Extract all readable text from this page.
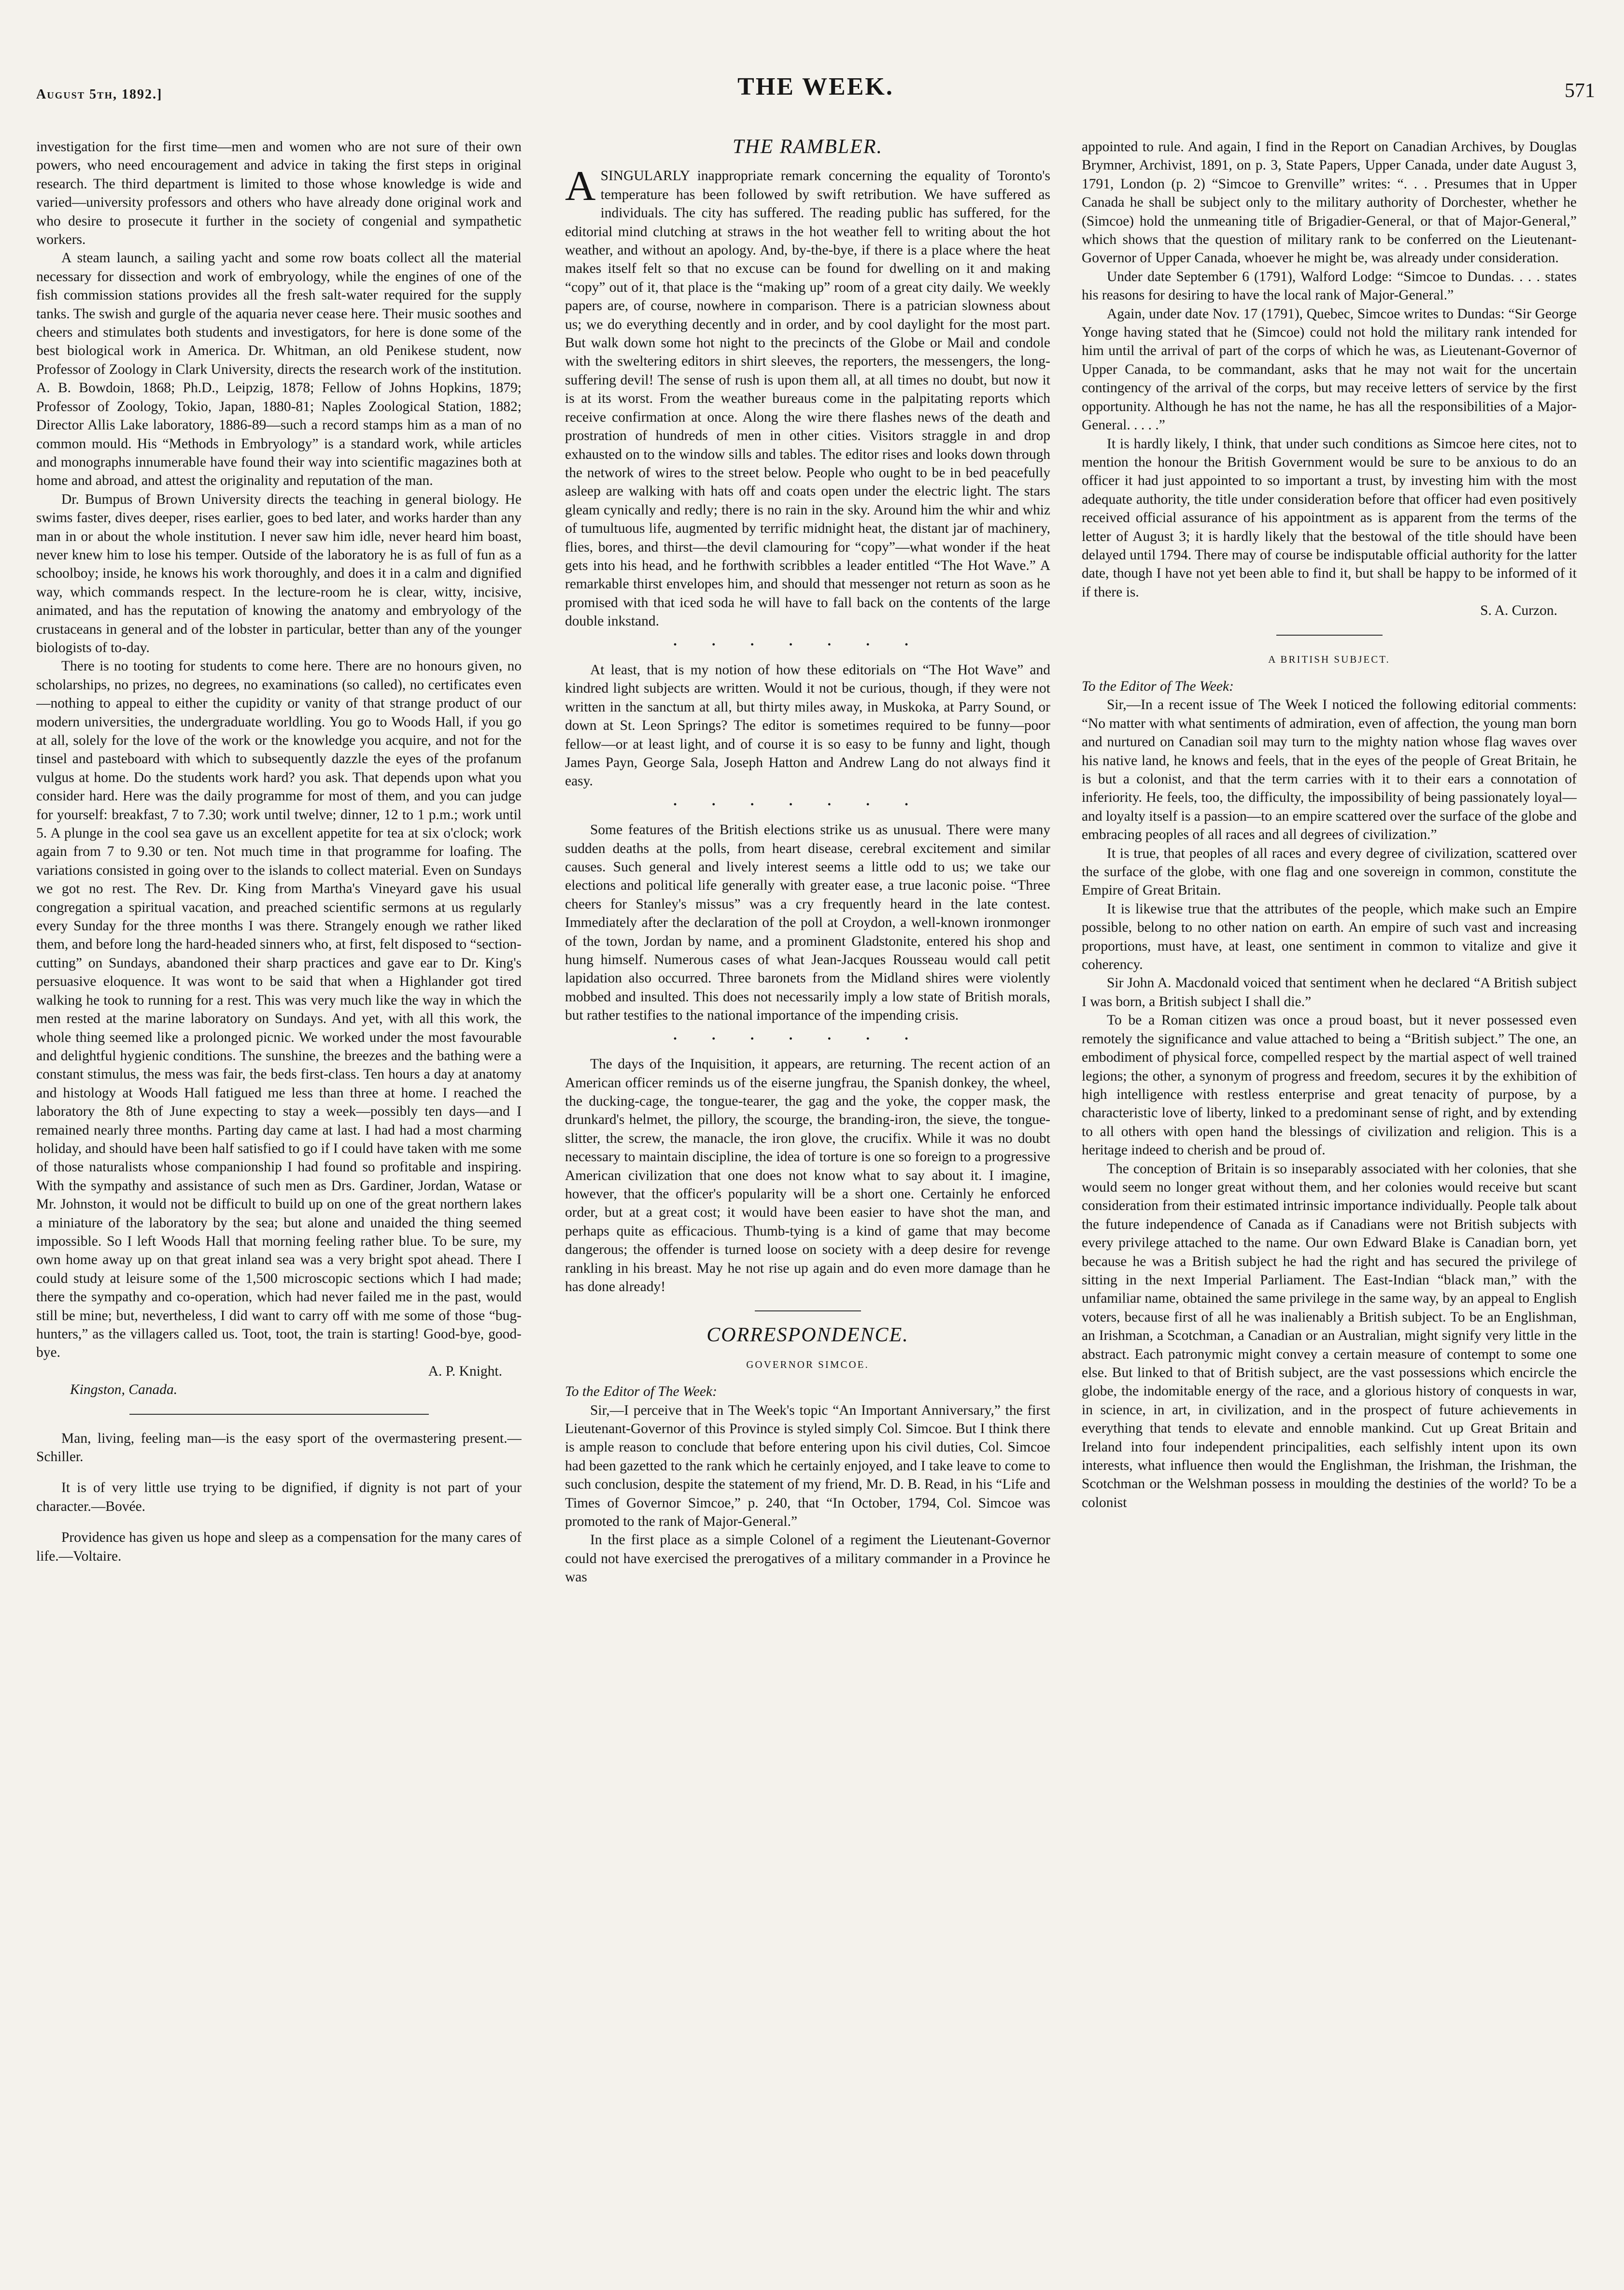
August 5th, 1892.]	THE WEEK.	571

investigation for the first time—men and women who are not sure of their own powers, who need encouragement and advice in taking the first steps in original research. The third department is limited to those whose knowledge is wide and varied—university professors and others who have already done original work and who desire to prosecute it further in the society of congenial and sympathetic workers.

A steam launch, a sailing yacht and some row boats collect all the material necessary for dissection and work of embryology, while the engines of one of the fish commission stations provides all the fresh salt-water required for the supply tanks. The swish and gurgle of the aquaria never cease here. Their music soothes and cheers and stimulates both students and investigators, for here is done some of the best biological work in America. Dr. Whitman, an old Penikese student, now Professor of Zoology in Clark University, directs the research work of the institution. A. B. Bowdoin, 1868; Ph.D., Leipzig, 1878; Fellow of Johns Hopkins, 1879; Professor of Zoology, Tokio, Japan, 1880-81; Naples Zoological Station, 1882; Director Allis Lake laboratory, 1886-89—such a record stamps him as a man of no common mould. His “Methods in Embryology” is a standard work, while articles and monographs innumerable have found their way into scientific magazines both at home and abroad, and attest the originality and reputation of the man.

Dr. Bumpus of Brown University directs the teaching in general biology. He swims faster, dives deeper, rises earlier, goes to bed later, and works harder than any man in or about the whole institution. I never saw him idle, never heard him boast, never knew him to lose his temper. Outside of the laboratory he is as full of fun as a schoolboy; inside, he knows his work thoroughly, and does it in a calm and dignified way, which commands respect. In the lecture-room he is clear, witty, incisive, animated, and has the reputation of knowing the anatomy and embryology of the crustaceans in general and of the lobster in particular, better than any of the younger biologists of to-day.

There is no tooting for students to come here. There are no honours given, no scholarships, no prizes, no degrees, no examinations (so called), no certificates even—nothing to appeal to either the cupidity or vanity of that strange product of our modern universities, the undergraduate worldling. You go to Woods Hall, if you go at all, solely for the love of the work or the knowledge you acquire, and not for the tinsel and pasteboard with which to subsequently dazzle the eyes of the profanum vulgus at home. Do the students work hard? you ask. That depends upon what you consider hard. Here was the daily programme for most of them, and you can judge for yourself: breakfast, 7 to 7.30; work until twelve; dinner, 12 to 1 p.m.; work until 5. A plunge in the cool sea gave us an excellent appetite for tea at six o'clock; work again from 7 to 9.30 or ten. Not much time in that programme for loafing. The variations consisted in going over to the islands to collect material. Even on Sundays we got no rest. The Rev. Dr. King from Martha's Vineyard gave his usual congregation a spiritual vacation, and preached scientific sermons at us regularly every Sunday for the three months I was there. Strangely enough we rather liked them, and before long the hard-headed sinners who, at first, felt disposed to “section-cutting” on Sundays, abandoned their sharp practices and gave ear to Dr. King's persuasive eloquence. It was wont to be said that when a Highlander got tired walking he took to running for a rest. This was very much like the way in which the men rested at the marine laboratory on Sundays. And yet, with all this work, the whole thing seemed like a prolonged picnic. We worked under the most favourable and delightful hygienic conditions. The sunshine, the breezes and the bathing were a constant stimulus, the mess was fair, the beds first-class. Ten hours a day at anatomy and histology at Woods Hall fatigued me less than three at home. I reached the laboratory the 8th of June expecting to stay a week—possibly ten days—and I remained nearly three months. Parting day came at last. I had had a most charming holiday, and should have been half satisfied to go if I could have taken with me some of those naturalists whose companionship I had found so profitable and inspiring. With the sympathy and assistance of such men as Drs. Gardiner, Jordan, Watase or Mr. Johnston, it would not be difficult to build up on one of the great northern lakes a miniature of the laboratory by the sea; but alone and unaided the thing seemed impossible. So I left Woods Hall that morning feeling rather blue. To be sure, my own home away up on that great inland sea was a very bright spot ahead. There I could study at leisure some of the 1,500 microscopic sections which I had made; there the sympathy and co-operation, which had never failed me in the past, would still be mine; but, nevertheless, I did want to carry off with me some of those “bug-hunters,” as the villagers called us. Toot, toot, the train is starting! Good-bye, good-bye.

A. P. Knight.

Kingston, Canada.

Man, living, feeling man—is the easy sport of the overmastering present.—Schiller.

It is of very little use trying to be dignified, if dignity is not part of your character.—Bovée.

Providence has given us hope and sleep as a compensation for the many cares of life.—Voltaire.

THE RAMBLER.

ASINGULARLY inappropriate remark concerning the equality of Toronto's temperature has been followed by swift retribution. We have suffered as individuals. The city has suffered. The reading public has suffered, for the editorial mind clutching at straws in the hot weather fell to writing about the hot weather, and without an apology. And, by-the-bye, if there is a place where the heat makes itself felt so that no excuse can be found for dwelling on it and making “copy” out of it, that place is the “making up” room of a great city daily. We weekly papers are, of course, nowhere in comparison. There is a patrician slowness about us; we do everything decently and in order, and by cool daylight for the most part. But walk down some hot night to the precincts of the Globe or Mail and condole with the sweltering editors in shirt sleeves, the reporters, the messengers, the long-suffering devil! The sense of rush is upon them all, at all times no doubt, but now it is at its worst. From the weather bureaus come in the palpitating reports which receive confirmation at once. Along the wire there flashes news of the death and prostration of hundreds of men in other cities. Visitors straggle in and drop exhausted on to the window sills and tables. The editor rises and looks down through the network of wires to the street below. People who ought to be in bed peacefully asleep are walking with hats off and coats open under the electric light. The stars gleam cynically and redly; there is no rain in the sky. Around him the whir and whiz of tumultuous life, augmented by terrific midnight heat, the distant jar of machinery, flies, bores, and thirst—the devil clamouring for “copy”—what wonder if the heat gets into his head, and he forthwith scribbles a leader entitled “The Hot Wave.” A remarkable thirst envelopes him, and should that messenger not return as soon as he promised with that iced soda he will have to fall back on the contents of the large double inkstand.

·······

At least, that is my notion of how these editorials on “The Hot Wave” and kindred light subjects are written. Would it not be curious, though, if they were not written in the sanctum at all, but thirty miles away, in Muskoka, at Parry Sound, or down at St. Leon Springs? The editor is sometimes required to be funny—poor fellow—or at least light, and of course it is so easy to be funny and light, though James Payn, George Sala, Joseph Hatton and Andrew Lang do not always find it easy.

·······

Some features of the British elections strike us as unusual. There were many sudden deaths at the polls, from heart disease, cerebral excitement and similar causes. Such general and lively interest seems a little odd to us; we take our elections and political life generally with greater ease, a true laconic poise. “Three cheers for Stanley's missus” was a cry frequently heard in the late contest. Immediately after the declaration of the poll at Croydon, a well-known ironmonger of the town, Jordan by name, and a prominent Gladstonite, entered his shop and hung himself. Numerous cases of what Jean-Jacques Rousseau would call petit lapidation also occurred. Three baronets from the Midland shires were violently mobbed and insulted. This does not necessarily imply a low state of British morals, but rather testifies to the national importance of the impending crisis.

·······

The days of the Inquisition, it appears, are returning. The recent action of an American officer reminds us of the eiserne jungfrau, the Spanish donkey, the wheel, the ducking-cage, the tongue-tearer, the gag and the yoke, the copper mask, the drunkard's helmet, the pillory, the scourge, the branding-iron, the sieve, the tongue-slitter, the screw, the manacle, the iron glove, the crucifix. While it was no doubt necessary to maintain discipline, the idea of torture is one so foreign to a progressive American civilization that one does not know what to say about it. I imagine, however, that the officer's popularity will be a short one. Certainly he enforced order, but at a great cost; it would have been easier to have shot the man, and perhaps quite as efficacious. Thumb-tying is a kind of game that may become dangerous; the offender is turned loose on society with a deep desire for revenge rankling in his breast. May he not rise up again and do even more damage than he has done already!

CORRESPONDENCE.
GOVERNOR SIMCOE.

To the Editor of The Week:

Sir,—I perceive that in The Week's topic “An Important Anniversary,” the first Lieutenant-Governor of this Province is styled simply Col. Simcoe. But I think there is ample reason to conclude that before entering upon his civil duties, Col. Simcoe had been gazetted to the rank which he certainly enjoyed, and I take leave to come to such conclusion, despite the statement of my friend, Mr. D. B. Read, in his “Life and Times of Governor Simcoe,” p. 240, that “In October, 1794, Col. Simcoe was promoted to the rank of Major-General.”

In the first place as a simple Colonel of a regiment the Lieutenant-Governor could not have exercised the prerogatives of a military commander in a Province he was

appointed to rule. And again, I find in the Report on Canadian Archives, by Douglas Brymner, Archivist, 1891, on p. 3, State Papers, Upper Canada, under date August 3, 1791, London (p. 2) “Simcoe to Grenville” writes: “. . . Presumes that in Upper Canada he shall be subject only to the military authority of Dorchester, whether he (Simcoe) hold the unmeaning title of Brigadier-General, or that of Major-General,” which shows that the question of military rank to be conferred on the Lieutenant-Governor of Upper Canada, whoever he might be, was already under consideration.

Under date September 6 (1791), Walford Lodge: “Simcoe to Dundas. . . . states his reasons for desiring to have the local rank of Major-General.”

Again, under date Nov. 17 (1791), Quebec, Simcoe writes to Dundas: “Sir George Yonge having stated that he (Simcoe) could not hold the military rank intended for him until the arrival of part of the corps of which he was, as Lieutenant-Governor of Upper Canada, to be commandant, asks that he may not wait for the uncertain contingency of the arrival of the corps, but may receive letters of service by the first opportunity. Although he has not the name, he has all the responsibilities of a Major-General. . . . .”

It is hardly likely, I think, that under such conditions as Simcoe here cites, not to mention the honour the British Government would be sure to be anxious to do an officer it had just appointed to so important a trust, by investing him with the most adequate authority, the title under consideration before that officer had even positively received official assurance of his appointment as is apparent from the terms of the letter of August 3; it is hardly likely that the bestowal of the title should have been delayed until 1794. There may of course be indisputable official authority for the latter date, though I have not yet been able to find it, but shall be happy to be informed of it if there is.

S. A. Curzon.

A BRITISH SUBJECT.

To the Editor of The Week:

Sir,—In a recent issue of The Week I noticed the following editorial comments: “No matter with what sentiments of admiration, even of affection, the young man born and nurtured on Canadian soil may turn to the mighty nation whose flag waves over his native land, he knows and feels, that in the eyes of the people of Great Britain, he is but a colonist, and that the term carries with it to their ears a connotation of inferiority. He feels, too, the difficulty, the impossibility of being passionately loyal—and loyalty itself is a passion—to an empire scattered over the surface of the globe and embracing peoples of all races and all degrees of civilization.”

It is true, that peoples of all races and every degree of civilization, scattered over the surface of the globe, with one flag and one sovereign in common, constitute the Empire of Great Britain.

It is likewise true that the attributes of the people, which make such an Empire possible, belong to no other nation on earth. An empire of such vast and increasing proportions, must have, at least, one sentiment in common to vitalize and give it coherency.

Sir John A. Macdonald voiced that sentiment when he declared “A British subject I was born, a British subject I shall die.”

To be a Roman citizen was once a proud boast, but it never possessed even remotely the significance and value attached to being a “British subject.” The one, an embodiment of physical force, compelled respect by the martial aspect of well trained legions; the other, a synonym of progress and freedom, secures it by the exhibition of high intelligence with restless enterprise and great tenacity of purpose, by a characteristic love of liberty, linked to a predominant sense of right, and by extending to all others with open hand the blessings of civilization and religion. This is a heritage indeed to cherish and be proud of.

The conception of Britain is so inseparably associated with her colonies, that she would seem no longer great without them, and her colonies would receive but scant consideration from their estimated intrinsic importance individually. People talk about the future independence of Canada as if Canadians were not British subjects with every privilege attached to the name. Our own Edward Blake is Canadian born, yet because he was a British subject he had the right and has secured the privilege of sitting in the next Imperial Parliament. The East-Indian “black man,” with the unfamiliar name, obtained the same privilege in the same way, by an appeal to English voters, because first of all he was inalienably a British subject. To be an Englishman, an Irishman, a Scotchman, a Canadian or an Australian, might signify very little in the abstract. Each patronymic might convey a certain measure of contempt to some one else. But linked to that of British subject, are the vast possessions which encircle the globe, the indomitable energy of the race, and a glorious history of conquests in war, in science, in art, in civilization, and in the prospect of future achievements in everything that tends to elevate and ennoble mankind. Cut up Great Britain and Ireland into four independent principalities, each selfishly intent upon its own interests, what influence then would the Englishman, the Irishman, the Irishman, the Scotchman or the Welshman possess in moulding the destinies of the world? To be a colonist
